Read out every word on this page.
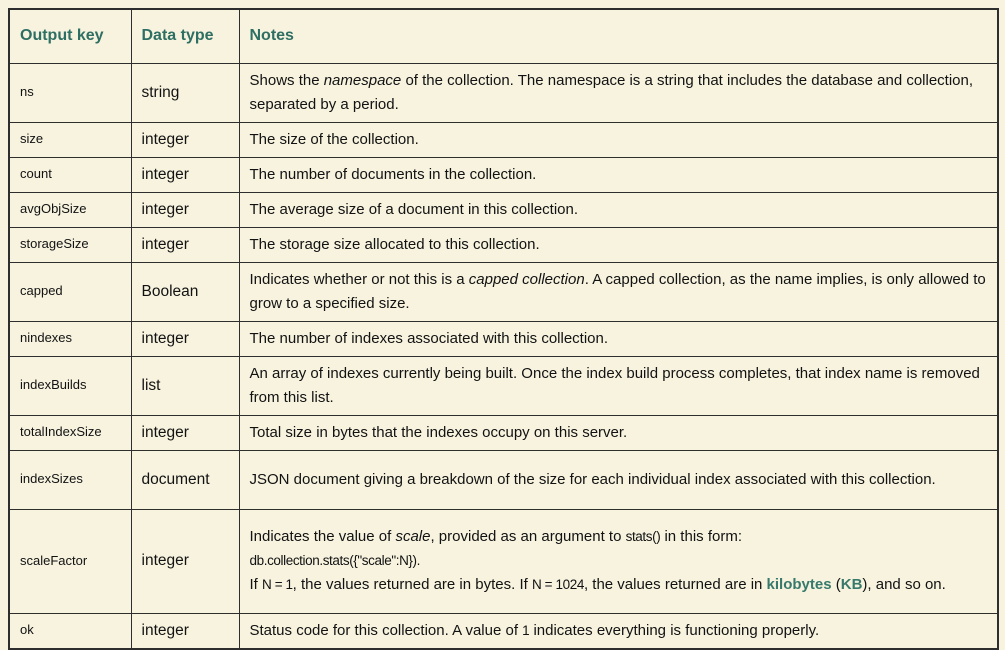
Output key	Data type	Notes
ns	string	Shows the namespace of the collection. The namespace is a string that includes the database and collection, separated by a period.
size	integer	The size of the collection.
count	integer	The number of documents in the collection.
avgObjSize	integer	The average size of a document in this collection.
storageSize	integer	The storage size allocated to this collection.
capped	Boolean	Indicates whether or not this is a capped collection. A capped collection, as the name implies, is only allowed to grow to a specified size.
nindexes	integer	The number of indexes associated with this collection.
indexBuilds	list	An array of indexes currently being built. Once the index build process completes, that index name is removed from this list.
totalIndexSize	integer	Total size in bytes that the indexes occupy on this server.
indexSizes	document	JSON document giving a breakdown of the size for each individual index associated with this collection.
scaleFactor	integer	Indicates the value of scale, provided as an argument to stats() in this form:
db.collection.stats({"scale":N}).
If N = 1, the values returned are in bytes. If N = 1024, the values returned are in kilobytes (KB), and so on.
ok	integer	Status code for this collection. A value of 1 indicates everything is functioning properly.
